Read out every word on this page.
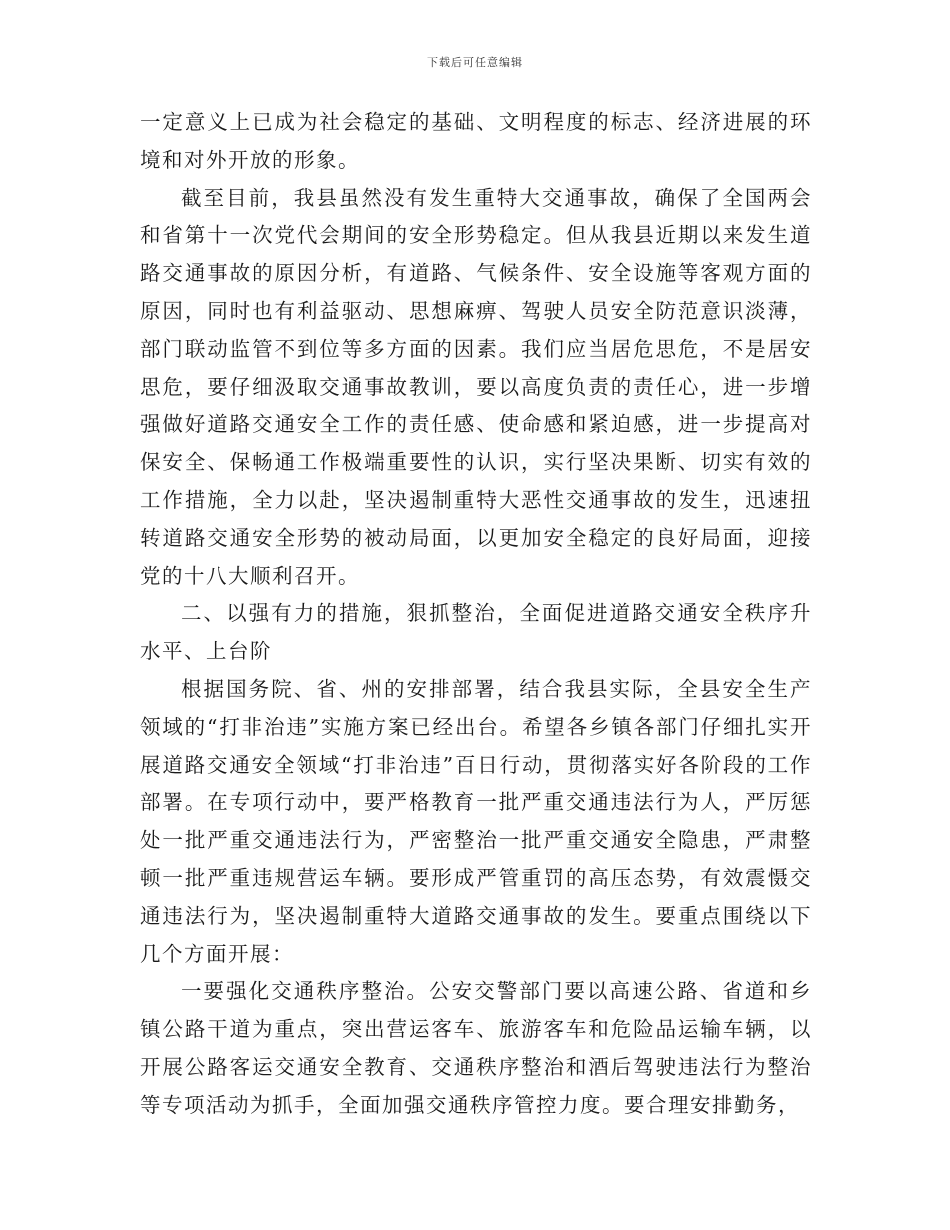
下载后可任意编辑

一定意义上已成为社会稳定的基础、文明程度的标志、经济进展的环境和对外开放的形象。

截至目前，我县虽然没有发生重特大交通事故，确保了全国两会和省第十一次党代会期间的安全形势稳定。但从我县近期以来发生道路交通事故的原因分析，有道路、气候条件、安全设施等客观方面的原因，同时也有利益驱动、思想麻痹、驾驶人员安全防范意识淡薄，部门联动监管不到位等多方面的因素。我们应当居危思危，不是居安思危，要仔细汲取交通事故教训，要以高度负责的责任心，进一步增强做好道路交通安全工作的责任感、使命感和紧迫感，进一步提高对保安全、保畅通工作极端重要性的认识，实行坚决果断、切实有效的工作措施，全力以赴，坚决遏制重特大恶性交通事故的发生，迅速扭转道路交通安全形势的被动局面，以更加安全稳定的良好局面，迎接党的十八大顺利召开。

二、以强有力的措施，狠抓整治，全面促进道路交通安全秩序升水平、上台阶

根据国务院、省、州的安排部署，结合我县实际，全县安全生产领域的“打非治违”实施方案已经出台。希望各乡镇各部门仔细扎实开展道路交通安全领域“打非治违”百日行动，贯彻落实好各阶段的工作部署。在专项行动中，要严格教育一批严重交通违法行为人，严厉惩处一批严重交通违法行为，严密整治一批严重交通安全隐患，严肃整顿一批严重违规营运车辆。要形成严管重罚的高压态势，有效震慑交通违法行为，坚决遏制重特大道路交通事故的发生。要重点围绕以下几个方面开展：

一要强化交通秩序整治。公安交警部门要以高速公路、省道和乡镇公路干道为重点，突出营运客车、旅游客车和危险品运输车辆，以开展公路客运交通安全教育、交通秩序整治和酒后驾驶违法行为整治等专项活动为抓手，全面加强交通秩序管控力度。要合理安排勤务，
